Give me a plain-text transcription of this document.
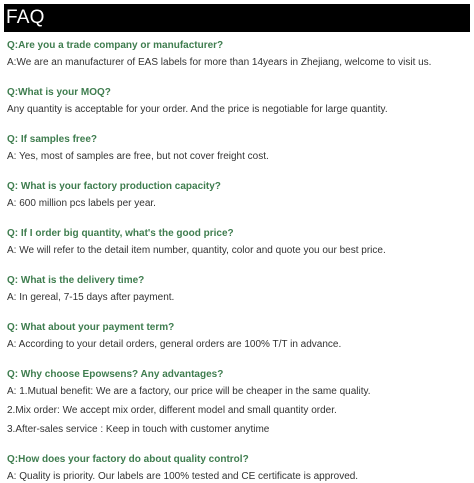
FAQ
Q:Are you a trade company or manufacturer?
A:We are an manufacturer of EAS labels for more than 14years in Zhejiang, welcome to visit us.
Q:What is your MOQ?
Any quantity is acceptable for your order. And the price is negotiable for large quantity.
Q: If samples free?
A: Yes, most of samples are free, but not cover freight cost.
Q: What is your factory production capacity?
A: 600 million pcs labels per year.
Q: If I order big quantity, what's the good price?
A: We will refer to the detail item number, quantity, color and quote you our best price.
Q: What is the delivery time?
A: In gereal, 7-15 days after payment.
Q: What about your payment term?
A: According to your detail orders, general orders are 100% T/T in advance.
Q: Why choose Epowsens? Any advantages?
A: 1.Mutual benefit: We are a factory, our price will be cheaper in the same quality.
2.Mix order: We accept mix order, different model and small quantity order.
3.After-sales service : Keep in touch with customer anytime
Q:How does your factory do about quality control?
A: Quality is priority. Our labels are 100% tested and CE certificate is approved.
